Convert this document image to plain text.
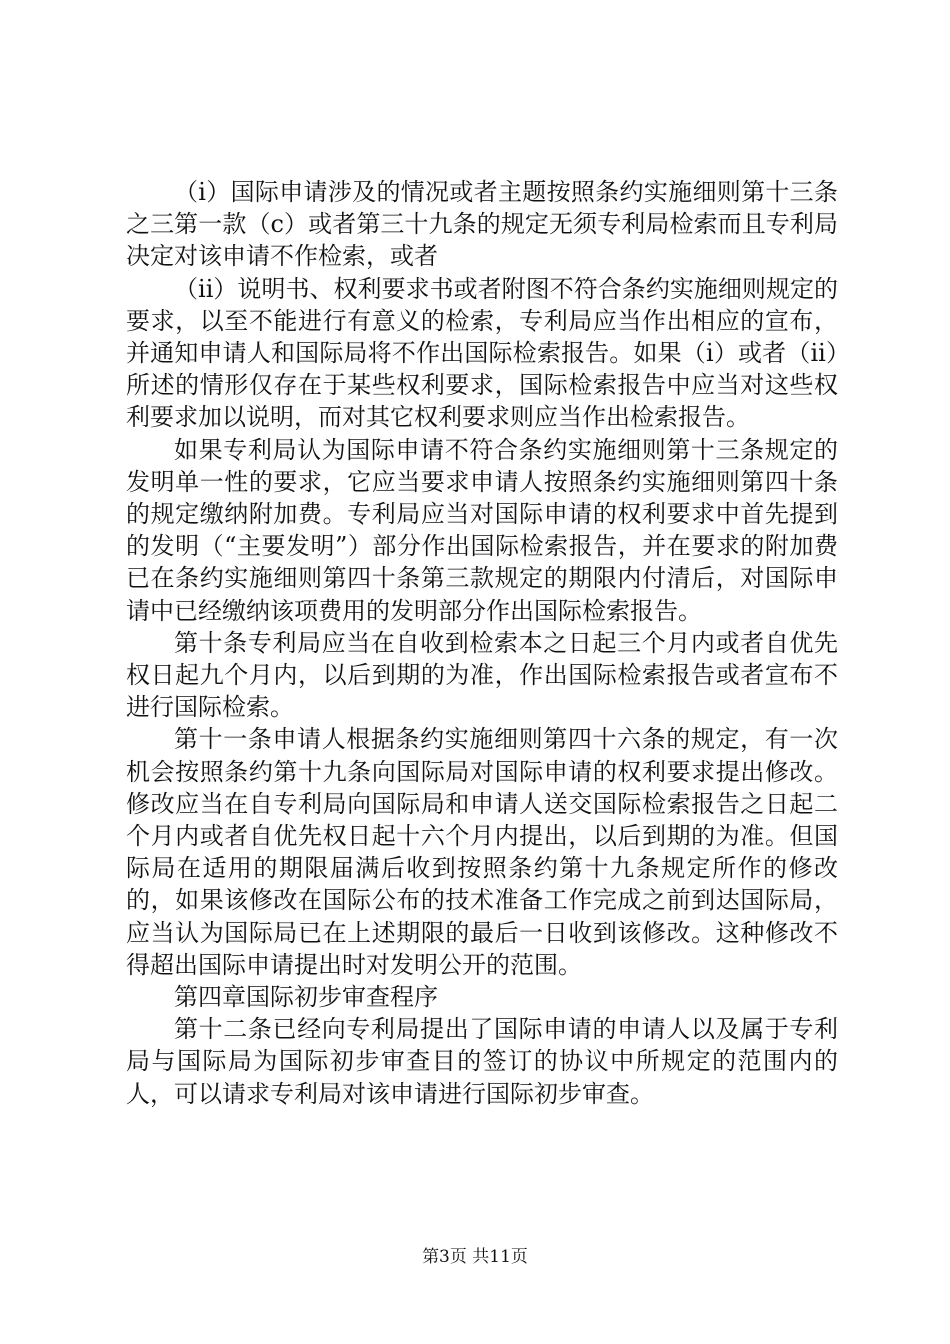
（i）国际申请涉及的情况或者主题按照条约实施细则第十三条之三第一款（c）或者第三十九条的规定无须专利局检索而且专利局决定对该申请不作检索，或者

（ii）说明书、权利要求书或者附图不符合条约实施细则规定的要求，以至不能进行有意义的检索，专利局应当作出相应的宣布，并通知申请人和国际局将不作出国际检索报告。如果（i）或者（ii）所述的情形仅存在于某些权利要求，国际检索报告中应当对这些权利要求加以说明，而对其它权利要求则应当作出检索报告。

如果专利局认为国际申请不符合条约实施细则第十三条规定的发明单一性的要求，它应当要求申请人按照条约实施细则第四十条的规定缴纳附加费。专利局应当对国际申请的权利要求中首先提到的发明（“主要发明”）部分作出国际检索报告，并在要求的附加费已在条约实施细则第四十条第三款规定的期限内付清后，对国际申请中已经缴纳该项费用的发明部分作出国际检索报告。

第十条专利局应当在自收到检索本之日起三个月内或者自优先权日起九个月内，以后到期的为准，作出国际检索报告或者宣布不进行国际检索。

第十一条申请人根据条约实施细则第四十六条的规定，有一次机会按照条约第十九条向国际局对国际申请的权利要求提出修改。修改应当在自专利局向国际局和申请人送交国际检索报告之日起二个月内或者自优先权日起十六个月内提出，以后到期的为准。但国际局在适用的期限届满后收到按照条约第十九条规定所作的修改的，如果该修改在国际公布的技术准备工作完成之前到达国际局，应当认为国际局已在上述期限的最后一日收到该修改。这种修改不得超出国际申请提出时对发明公开的范围。

第四章国际初步审查程序

第十二条已经向专利局提出了国际申请的申请人以及属于专利局与国际局为国际初步审查目的签订的协议中所规定的范围内的人，可以请求专利局对该申请进行国际初步审查。

第3页 共11页
